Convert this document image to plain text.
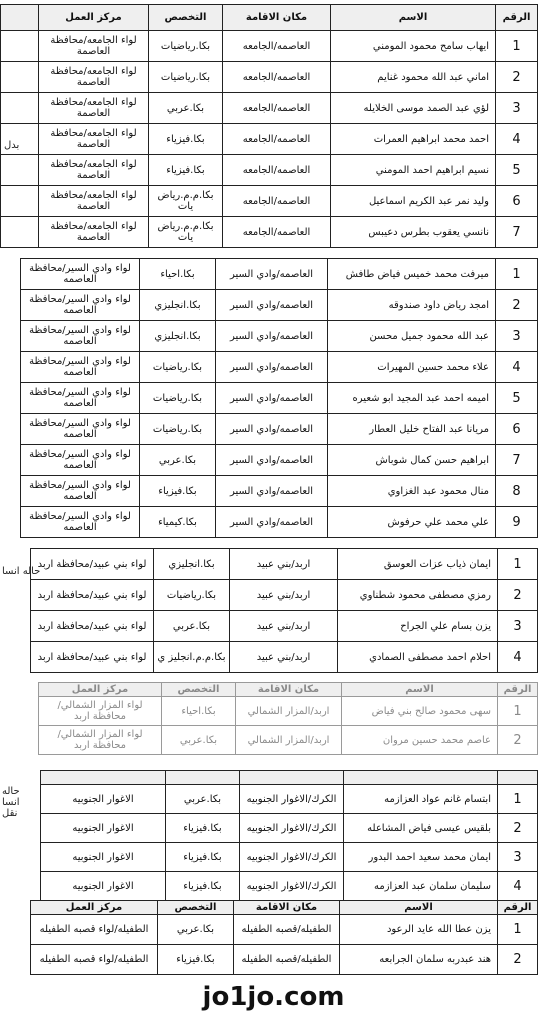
الرقم	الاسم	مكان الاقامة	التخصص	مركز العمل	
1	ايهاب سامح محمود المومني	العاصمه/الجامعه	بكا.رياضيات	لواء الجامعه/محافظة العاصمة	
2	اماني عبد الله محمود غنايم	العاصمه/الجامعه	بكا.رياضيات	لواء الجامعه/محافظة العاصمة	
3	لؤي عبد الصمد موسى الخلايله	العاصمه/الجامعه	بكا.عربي	لواء الجامعه/محافظة العاصمة	
4	احمد محمد ابراهيم العمرات	العاصمه/الجامعه	بكا.فيزياء	لواء الجامعه/محافظة العاصمة	
5	نسيم ابراهيم احمد المومني	العاصمه/الجامعه	بكا.فيزياء	لواء الجامعه/محافظة العاصمة	
6	وليد نمر عبد الكريم اسماعيل	العاصمه/الجامعه	بكا.م.م.رياض يات	لواء الجامعه/محافظة العاصمة	
7	نانسي يعقوب بطرس دعيبس	العاصمه/الجامعه	بكا.م.م.رياض يات	لواء الجامعه/محافظة العاصمة	
بدل
1	ميرفت محمد خميس فياض طافش	العاصمه/وادي السير	بكا.احياء	لواء وادي السير/محافظة العاصمه
2	امجد رياض داود صندوقه	العاصمه/وادي السير	بكا.انجليزي	لواء وادي السير/محافظة العاصمه
3	عبد الله محمود جميل محسن	العاصمه/وادي السير	بكا.انجليزي	لواء وادي السير/محافظة العاصمه
4	علاء محمد حسين المهيرات	العاصمه/وادي السير	بكا.رياضيات	لواء وادي السير/محافظة العاصمه
5	اميمه احمد عبد المجيد ابو شعيره	العاصمه/وادي السير	بكا.رياضيات	لواء وادي السير/محافظة العاصمه
6	مريانا عبد الفتاح خليل العطار	العاصمه/وادي السير	بكا.رياضيات	لواء وادي السير/محافظة العاصمه
7	ابراهيم حسن كمال شوباش	العاصمه/وادي السير	بكا.عربي	لواء وادي السير/محافظة العاصمه
8	منال محمود عبد الغزاوي	العاصمه/وادي السير	بكا.فيزياء	لواء وادي السير/محافظة العاصمه
9	علي محمد علي حرفوش	العاصمه/وادي السير	بكا.كيمياء	لواء وادي السير/محافظة العاصمه
1	ايمان ذياب عزات العوسق	اربد/بني عبيد	بكا.انجليزي	لواء بني عبيد/محافظة اربد
2	رمزي مصطفى محمود شطناوي	اربد/بني عبيد	بكا.رياضيات	لواء بني عبيد/محافظة اربد
3	يزن بسام علي الجراح	اربد/بني عبيد	بكا.عربي	لواء بني عبيد/محافظة اربد
4	احلام احمد مصطفى الصمادي	اربد/بني عبيد	بكا.م.م.انجليز ي	لواء بني عبيد/محافظة اربد
حاله انسا
الرقم	الاسم	مكان الاقامة	التخصص	مركز العمل
1	سهى محمود صالح بني فياض	اربد/المزار الشمالي	بكا.احياء	لواء المزار الشمالي/محافظة اربد
2	عاصم محمد حسين مروان	اربد/المزار الشمالي	بكا.عربي	لواء المزار الشمالي/محافظة اربد

1	ابتسام غانم عواد العزازمه	الكرك/الاغوار الجنوبيه	بكا.عربي	الاغوار الجنوبيه
2	بلقيس عيسى فياض المشاعله	الكرك/الاغوار الجنوبيه	بكا.فيزياء	الاغوار الجنوبيه
3	ايمان محمد سعيد احمد البدور	الكرك/الاغوار الجنوبيه	بكا.فيزياء	الاغوار الجنوبيه
4	سليمان سلمان عبد العزازمه	الكرك/الاغوار الجنوبيه	بكا.فيزياء	الاغوار الجنوبيه
حاله انسا نقل
الرقم	الاسم	مكان الاقامة	التخصص	مركز العمل
1	يزن عطا الله عايد الرعود	الطفيله/قصبه الطفيله	بكا.عربي	الطفيله/لواء قصبه الطفيله
2	هند عبدربه سلمان الجرابعه	الطفيله/قصبه الطفيله	بكا.فيزياء	الطفيله/لواء قصبه الطفيله
jo1jo.com
